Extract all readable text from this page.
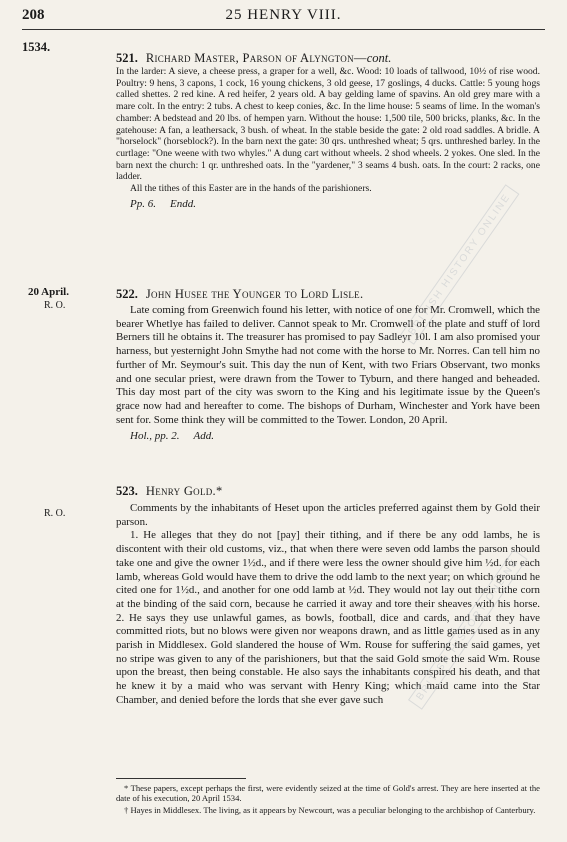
208	25 HENRY VIII.
1534.
521. Richard Master, Parson of Alyngton—cont.
In the larder: A sieve, a cheese press, a graper for a well, &c. Wood: 10 loads of tallwood, 10½ of rise wood. Poultry: 9 hens, 3 capons, 1 cock, 16 young chickens, 3 old geese, 17 goslings, 4 ducks. Cattle: 5 young hogs called shettes. 2 red kine. A red heifer, 2 years old. A bay gelding lame of spavins. An old grey mare with a mare colt. In the entry: 2 tubs. A chest to keep conies, &c. In the lime house: 5 seams of lime. In the woman's chamber: A bedstead and 20 lbs. of hempen yarn. Without the house: 1,500 tile, 500 bricks, planks, &c. In the gatehouse: A fan, a leathersack, 3 bush. of wheat. In the stable beside the gate: 2 old road saddles. A bridle. A "horselock" (horseblock?). In the barn next the gate: 30 qrs. unthreshed wheat; 5 qrs. unthreshed barley. In the curtlage: "One weene with two whyles." A dung cart without wheels. 2 shod wheels. 2 yokes. One sled. In the barn next the church: 1 qr. unthreshed oats. In the "yardener," 3 seams 4 bush. oats. In the court: 2 racks, one ladder.
All the tithes of this Easter are in the hands of the parishioners.
Pp. 6. Endd.
20 April.
R. O.
522. John Husee the Younger to Lord Lisle.
Late coming from Greenwich found his letter, with notice of one for Mr. Cromwell, which the bearer Whetlye has failed to deliver. Cannot speak to Mr. Cromwell of the plate and stuff of lord Berners till he obtains it. The treasurer has promised to pay Sadleyr 10l. I am also promised your harness, but yesternight John Smythe had not come with the horse to Mr. Norres. Can tell him no further of Mr. Seymour's suit. This day the nun of Kent, with two Friars Observant, two monks and one secular priest, were drawn from the Tower to Tyburn, and there hanged and beheaded. This day most part of the city was sworn to the King and his legitimate issue by the Queen's grace now had and hereafter to come. The bishops of Durham, Winchester and York have been sent for. Some think they will be committed to the Tower. London, 20 April.
Hol., pp. 2. Add.
R. O.
523. Henry Gold.*
Comments by the inhabitants of Heset upon the articles preferred against them by Gold their parson.
1. He alleges that they do not [pay] their tithing, and if there be any odd lambs, he is discontent with their old customs, viz., that when there were seven odd lambs the parson should take one and give the owner 1½d., and if there were less the owner should give him ½d. for each lamb, whereas Gold would have them to drive the odd lamb to the next year; on which ground he cited one for 1½d., and another for one odd lamb at ½d. They would not lay out their tithe corn at the binding of the said corn, because he carried it away and tore their sheaves with his horse. 2. He says they use unlawful games, as bowls, football, dice and cards, and that they have committed riots, but no blows were given nor weapons drawn, and as little games used as in any parish in Middlesex. Gold slandered the house of Wm. Rouse for suffering the said games, yet no stripe was given to any of the parishioners, but that the said Gold smote the said Wm. Rouse upon the breast, then being constable. He also says the inhabitants conspired his death, and that he knew it by a maid who was servant with Henry King; which maid came into the Star Chamber, and denied before the lords that she ever gave such

* These papers, except perhaps the first, were evidently seized at the time of Gold's arrest. They are here inserted at the date of his execution, 20 April 1534.

† Hayes in Middlesex. The living, as it appears by Newcourt, was a peculiar belonging to the archbishop of Canterbury.

BRITISH HISTORY ONLINE
BRITISH HISTORY ONLINE
